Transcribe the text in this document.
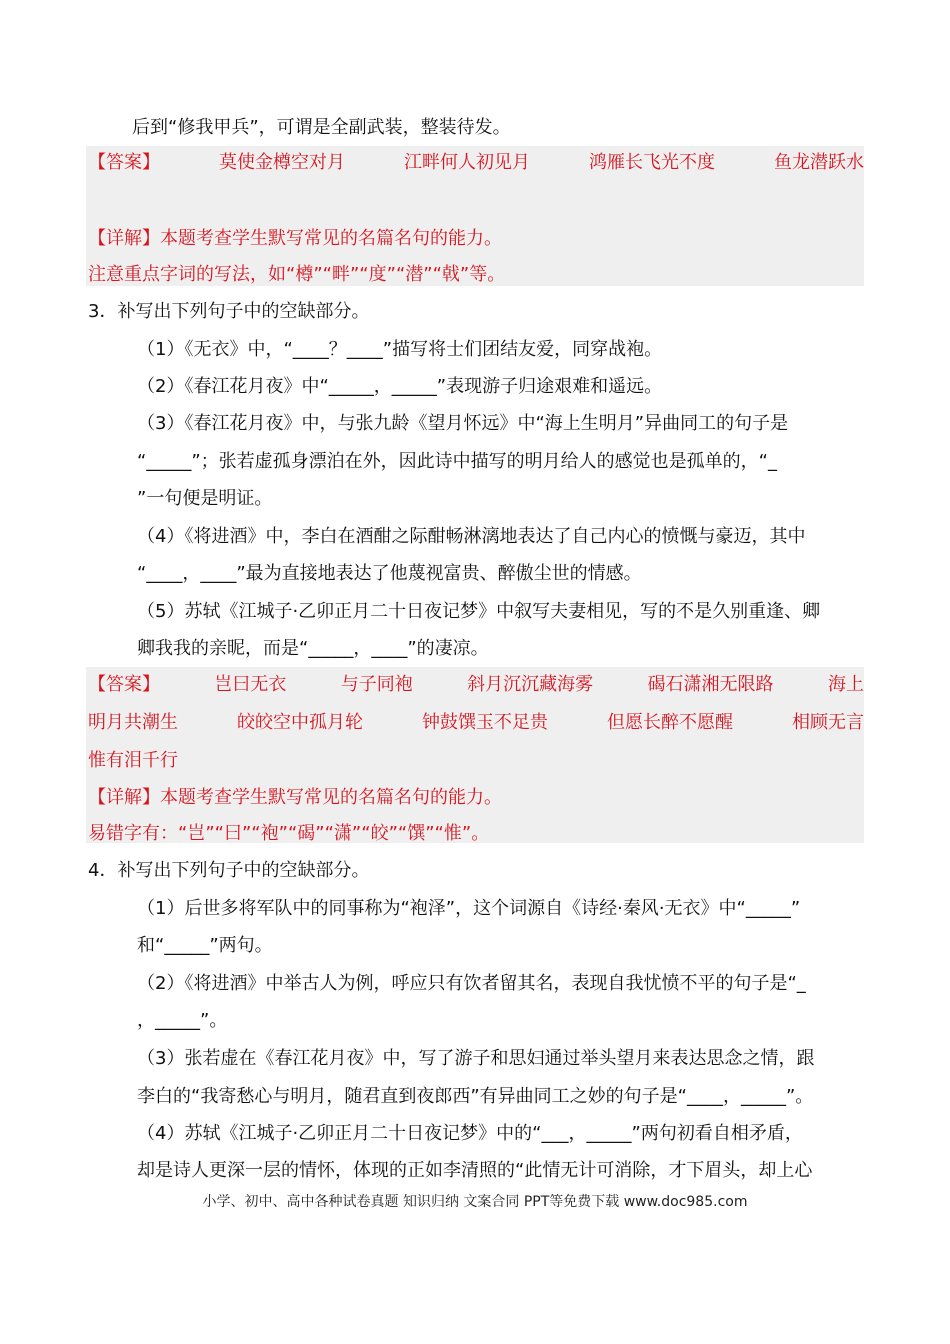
后到“修我甲兵”，可谓是全副武装，整装待发。
【答案】	莫使金樽空对月	江畔何人初见月	鸿雁长飞光不度	鱼龙潜跃水
【详解】本题考查学生默写常见的名篇名句的能力。
注意重点字词的写法，如“樽”“畔”“度”“潜”“戟”等。
3．补写出下列句子中的空缺部分。
（1）《无衣》中，“____？____”描写将士们团结友爱，同穿战袍。
（2）《春江花月夜》中“_____，_____”表现游子归途艰难和遥远。
（3）《春江花月夜》中，与张九龄《望月怀远》中“海上生明月”异曲同工的句子是
“_____”；张若虚孤身漂泊在外，因此诗中描写的明月给人的感觉也是孤单的，“_
”一句便是明证。
（4）《将进酒》中，李白在酒酣之际酣畅淋漓地表达了自己内心的愤慨与豪迈，其中
“____，____”最为直接地表达了他蔑视富贵、醉傲尘世的情感。
（5）苏轼《江城子·乙卯正月二十日夜记梦》中叙写夫妻相见，写的不是久别重逢、卿
卿我我的亲昵，而是“_____，____”的凄凉。
【答案】	岂曰无衣	与子同袍	斜月沉沉藏海雾	碣石潇湘无限路	海上
明月共潮生	皎皎空中孤月轮	钟鼓馔玉不足贵	但愿长醉不愿醒	相顾无言
惟有泪千行
【详解】本题考查学生默写常见的名篇名句的能力。
易错字有：“岂”“曰”“袍”“碣”“潇”“皎”“馔”“惟”。
4．补写出下列句子中的空缺部分。
（1）后世多将军队中的同事称为“袍泽”，这个词源自《诗经·秦风·无衣》中“_____”
和“_____”两句。
（2）《将进酒》中举古人为例，呼应只有饮者留其名，表现自我忧愤不平的句子是“_
，_____”。
（3）张若虚在《春江花月夜》中，写了游子和思妇通过举头望月来表达思念之情，跟
李白的“我寄愁心与明月，随君直到夜郎西”有异曲同工之妙的句子是“____，_____”。
（4）苏轼《江城子·乙卯正月二十日夜记梦》中的“___，_____”两句初看自相矛盾，
却是诗人更深一层的情怀，体现的正如李清照的“此情无计可消除，才下眉头，却上心
小学、初中、高中各种试卷真题 知识归纳 文案合同 PPT等免费下载 www.doc985.com
